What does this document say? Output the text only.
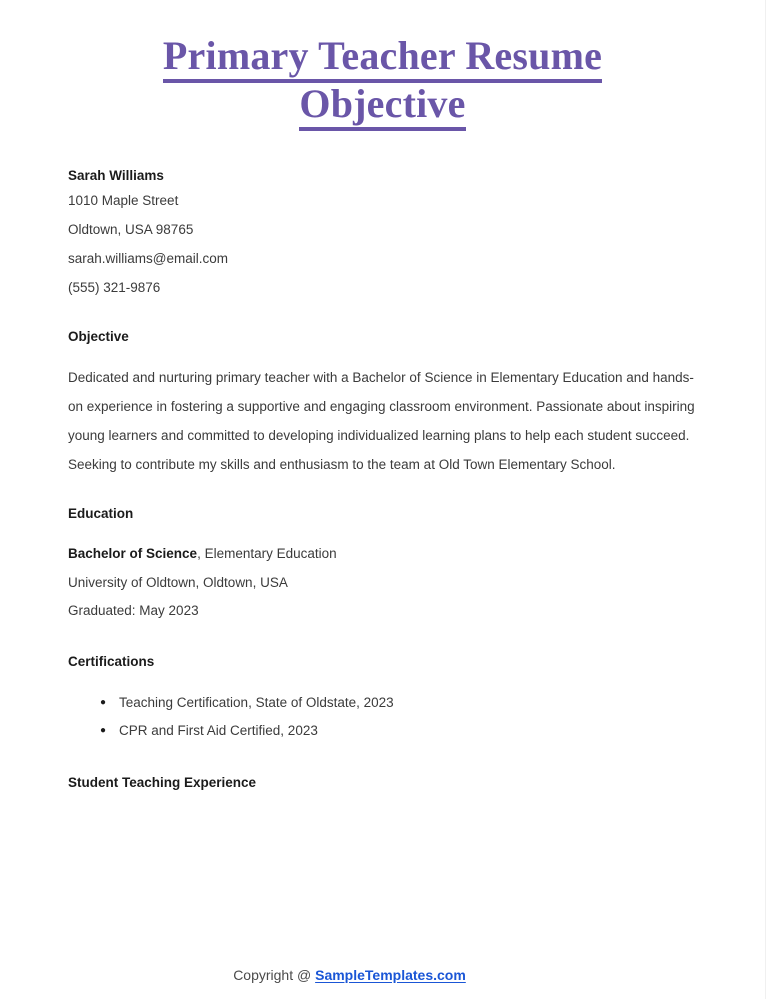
Primary Teacher Resume
Objective

Sarah Williams

1010 Maple Street

Oldtown, USA 98765

sarah.williams@email.com

(555) 321-9876

Objective

Dedicated and nurturing primary teacher with a Bachelor of Science in Elementary Education and hands-on experience in fostering a supportive and engaging classroom environment. Passionate about inspiring young learners and committed to developing individualized learning plans to help each student succeed. Seeking to contribute my skills and enthusiasm to the team at Old Town Elementary School.

Education

Bachelor of Science, Elementary Education

University of Oldtown, Oldtown, USA

Graduated: May 2023

Certifications

● Teaching Certification, State of Oldstate, 2023
● CPR and First Aid Certified, 2023

Student Teaching Experience

Copyright @ SampleTemplates.com
